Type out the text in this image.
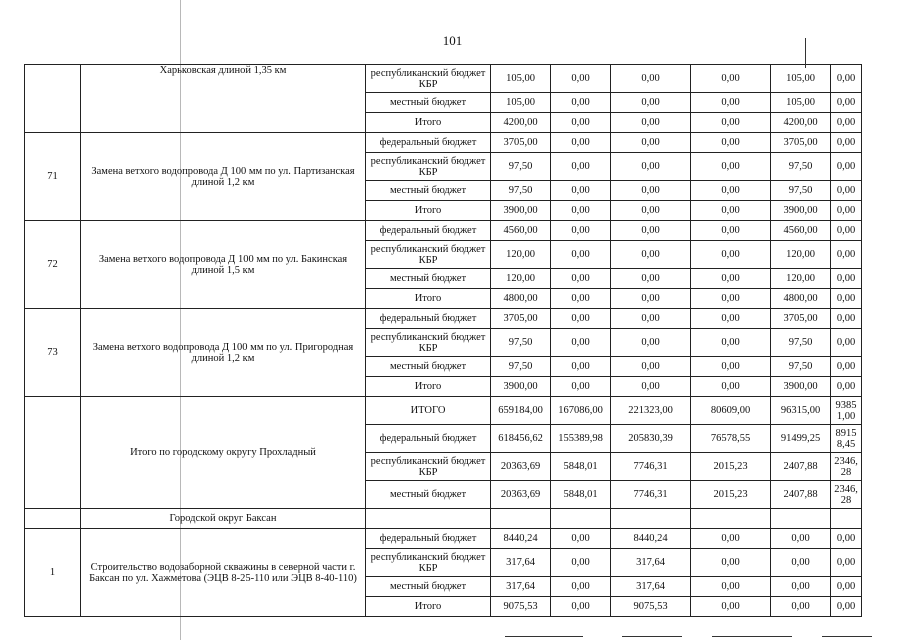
101
	Харьковская длиной 1,35 км	республиканский бюджет КБР	105,00	0,00	0,00	0,00	105,00	0,00
		местный бюджет	105,00	0,00	0,00	0,00	105,00	0,00
		Итого	4200,00	0,00	0,00	0,00	4200,00	0,00
71	Замена ветхого водопровода Д 100 мм по ул. Партизанская длиной 1,2 км	федеральный бюджет	3705,00	0,00	0,00	0,00	3705,00	0,00
		республиканский бюджет КБР	97,50	0,00	0,00	0,00	97,50	0,00
		местный бюджет	97,50	0,00	0,00	0,00	97,50	0,00
		Итого	3900,00	0,00	0,00	0,00	3900,00	0,00
72	Замена ветхого водопровода Д 100 мм по ул. Бакинская длиной 1,5 км	федеральный бюджет	4560,00	0,00	0,00	0,00	4560,00	0,00
		республиканский бюджет КБР	120,00	0,00	0,00	0,00	120,00	0,00
		местный бюджет	120,00	0,00	0,00	0,00	120,00	0,00
		Итого	4800,00	0,00	0,00	0,00	4800,00	0,00
73	Замена ветхого водопровода Д 100 мм по ул. Пригородная длиной 1,2 км	федеральный бюджет	3705,00	0,00	0,00	0,00	3705,00	0,00
		республиканский бюджет КБР	97,50	0,00	0,00	0,00	97,50	0,00
		местный бюджет	97,50	0,00	0,00	0,00	97,50	0,00
		Итого	3900,00	0,00	0,00	0,00	3900,00	0,00
	Итого по городскому округу Прохладный	ИТОГО	659184,00	167086,00	221323,00	80609,00	96315,00	93851,00
		федеральный бюджет	618456,62	155389,98	205830,39	76578,55	91499,25	89158,45
		республиканский бюджет КБР	20363,69	5848,01	7746,31	2015,23	2407,88	2346,28
		местный бюджет	20363,69	5848,01	7746,31	2015,23	2407,88	2346,28
	Городской округ Баксан							
1	Строительство водозаборной скважины в северной части г. Баксан по ул. Хажметова (ЭЦВ 8-25-110 или ЭЦВ 8-40-110)	федеральный бюджет	8440,24	0,00	8440,24	0,00	0,00	0,00
		республиканский бюджет КБР	317,64	0,00	317,64	0,00	0,00	0,00
		местный бюджет	317,64	0,00	317,64	0,00	0,00	0,00
		Итого	9075,53	0,00	9075,53	0,00	0,00	0,00
